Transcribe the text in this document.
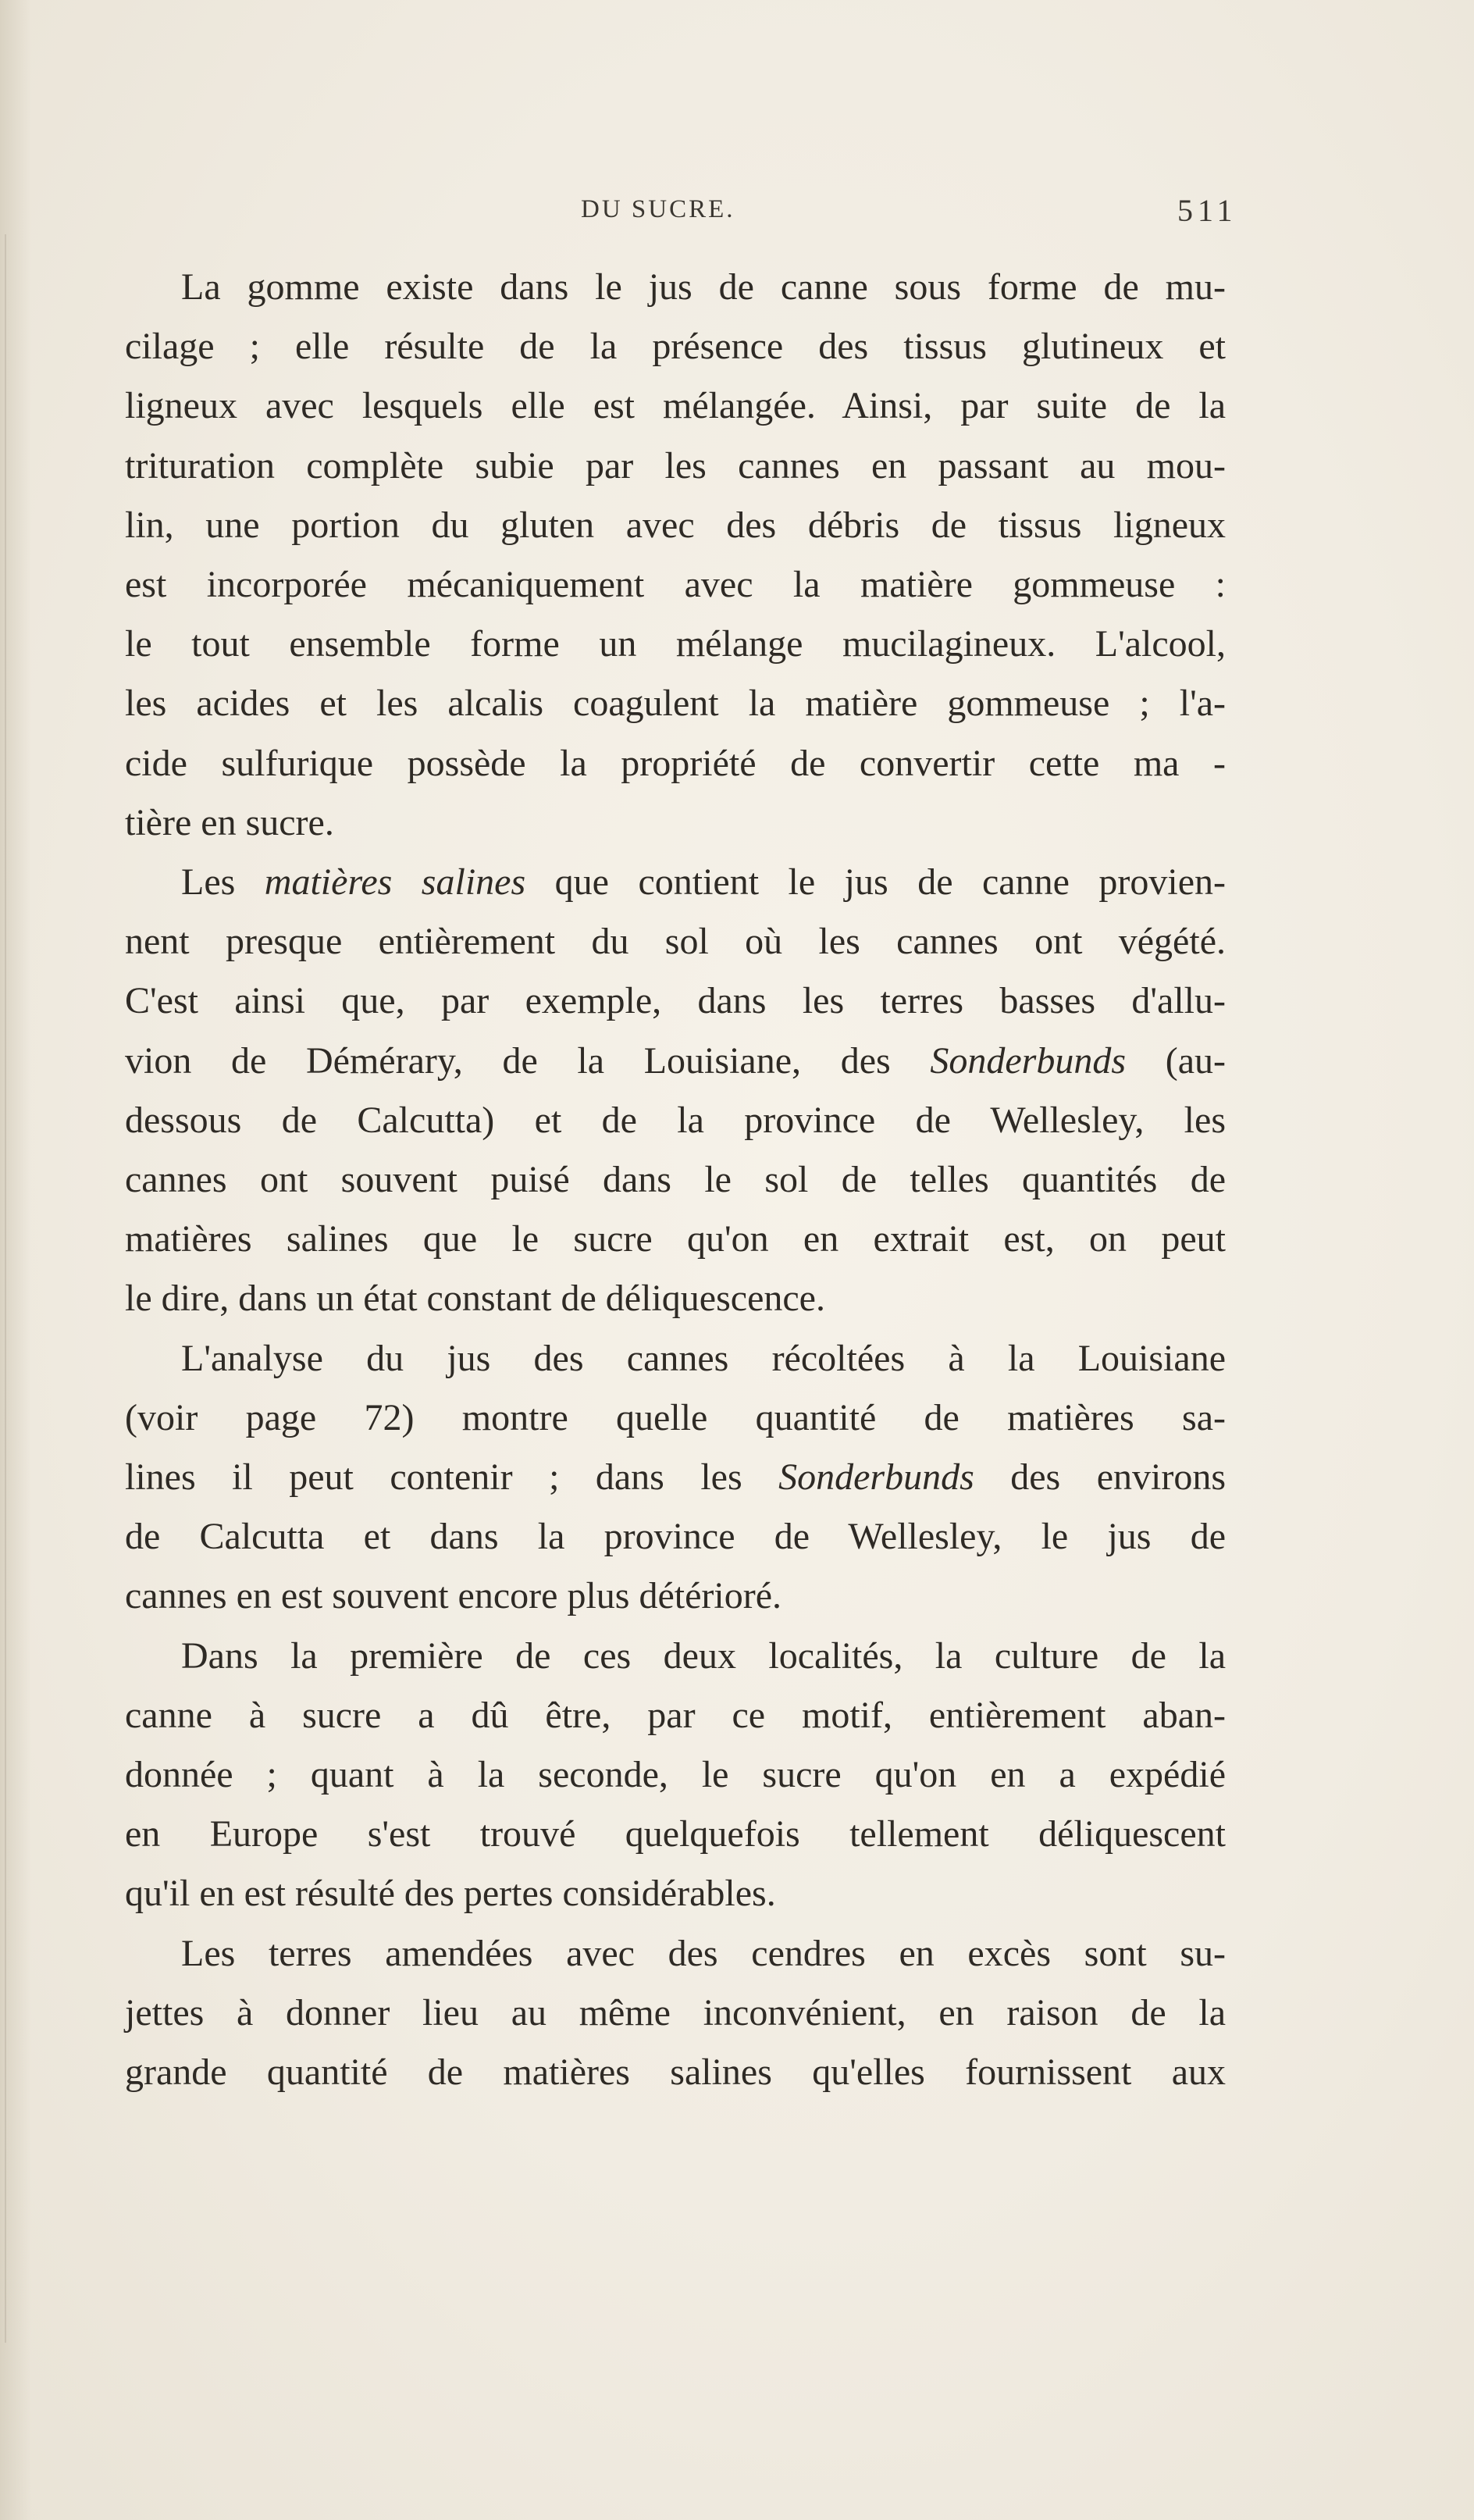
DU SUCRE.	511
La gomme existe dans le jus de canne sous forme de mu-
cilage ; elle résulte de la présence des tissus glutineux et
ligneux avec lesquels elle est mélangée. Ainsi, par suite de la
trituration complète subie par les cannes en passant au mou-
lin, une portion du gluten avec des débris de tissus ligneux
est incorporée mécaniquement avec la matière gommeuse :
le tout ensemble forme un mélange mucilagineux. L'alcool,
les acides et les alcalis coagulent la matière gommeuse ; l'a-
cide sulfurique possède la propriété de convertir cette ma -
tière en sucre.
Les matières salines que contient le jus de canne provien-
nent presque entièrement du sol où les cannes ont végété.
C'est ainsi que, par exemple, dans les terres basses d'allu-
vion de Démérary, de la Louisiane, des Sonderbunds (au-
dessous de Calcutta) et de la province de Wellesley, les
cannes ont souvent puisé dans le sol de telles quantités de
matières salines que le sucre qu'on en extrait est, on peut
le dire, dans un état constant de déliquescence.
L'analyse du jus des cannes récoltées à la Louisiane
(voir page 72) montre quelle quantité de matières sa-
lines il peut contenir ; dans les Sonderbunds des environs
de Calcutta et dans la province de Wellesley, le jus de
cannes en est souvent encore plus détérioré.
Dans la première de ces deux localités, la culture de la
canne à sucre a dû être, par ce motif, entièrement aban-
donnée ; quant à la seconde, le sucre qu'on en a expédié
en Europe s'est trouvé quelquefois tellement déliquescent
qu'il en est résulté des pertes considérables.
Les terres amendées avec des cendres en excès sont su-
jettes à donner lieu au même inconvénient, en raison de la
grande quantité de matières salines qu'elles fournissent aux
